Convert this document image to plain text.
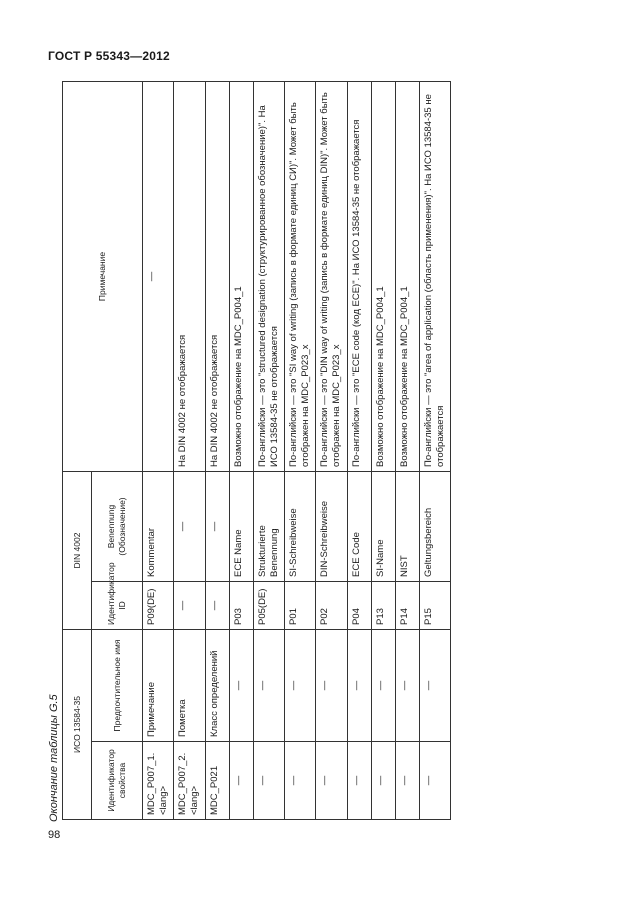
ГОСТ Р 55343—2012
Окончание таблицы G.5 ИСО 13584-35		DIN 4002		Примечание
Идентификатор свойства	Предпочтительное имя	Идентификатор ID	Benennung (Обозначение)	
MDC_P007_1.<lang>	Примечание	P09(DE)	Kommentar	—
MDC_P007_2.<lang>	Пометка	—	—	На DIN 4002 не отображается
MDC_P021	Класс определений	—	—	На DIN 4002 не отображается
—	—	P03	ECE Name	Возможно отображение на MDC_P004_1
—	—	P05(DE)	Strukturierte Benennung	По-английски — это "structured designation (структурированное обозначение)". На ИСО 13584-35 не отображается
—	—	P01	SI-Schreibweise	По-английски — это "SI way of writing (запись в формате единиц СИ)". Может быть отображен на MDC_P023_x
—	—	P02	DIN-Schreibweise	По-английски — это "DIN way of writing (запись в формате единиц DIN)". Может быть отображен на MDC_P023_x
—	—	P04	ECE Code	По-английски — это "ECE code (код ECE)". На ИСО 13584-35 не отображается
—	—	P13	SI-Name	Возможно отображение на MDC_P004_1
—	—	P14	NIST	Возможно отображение на MDC_P004_1
—	—	P15	Geltungsbereich	По-английски — это "area of application (область применения)". На ИСО 13584-35 не отображается
98
